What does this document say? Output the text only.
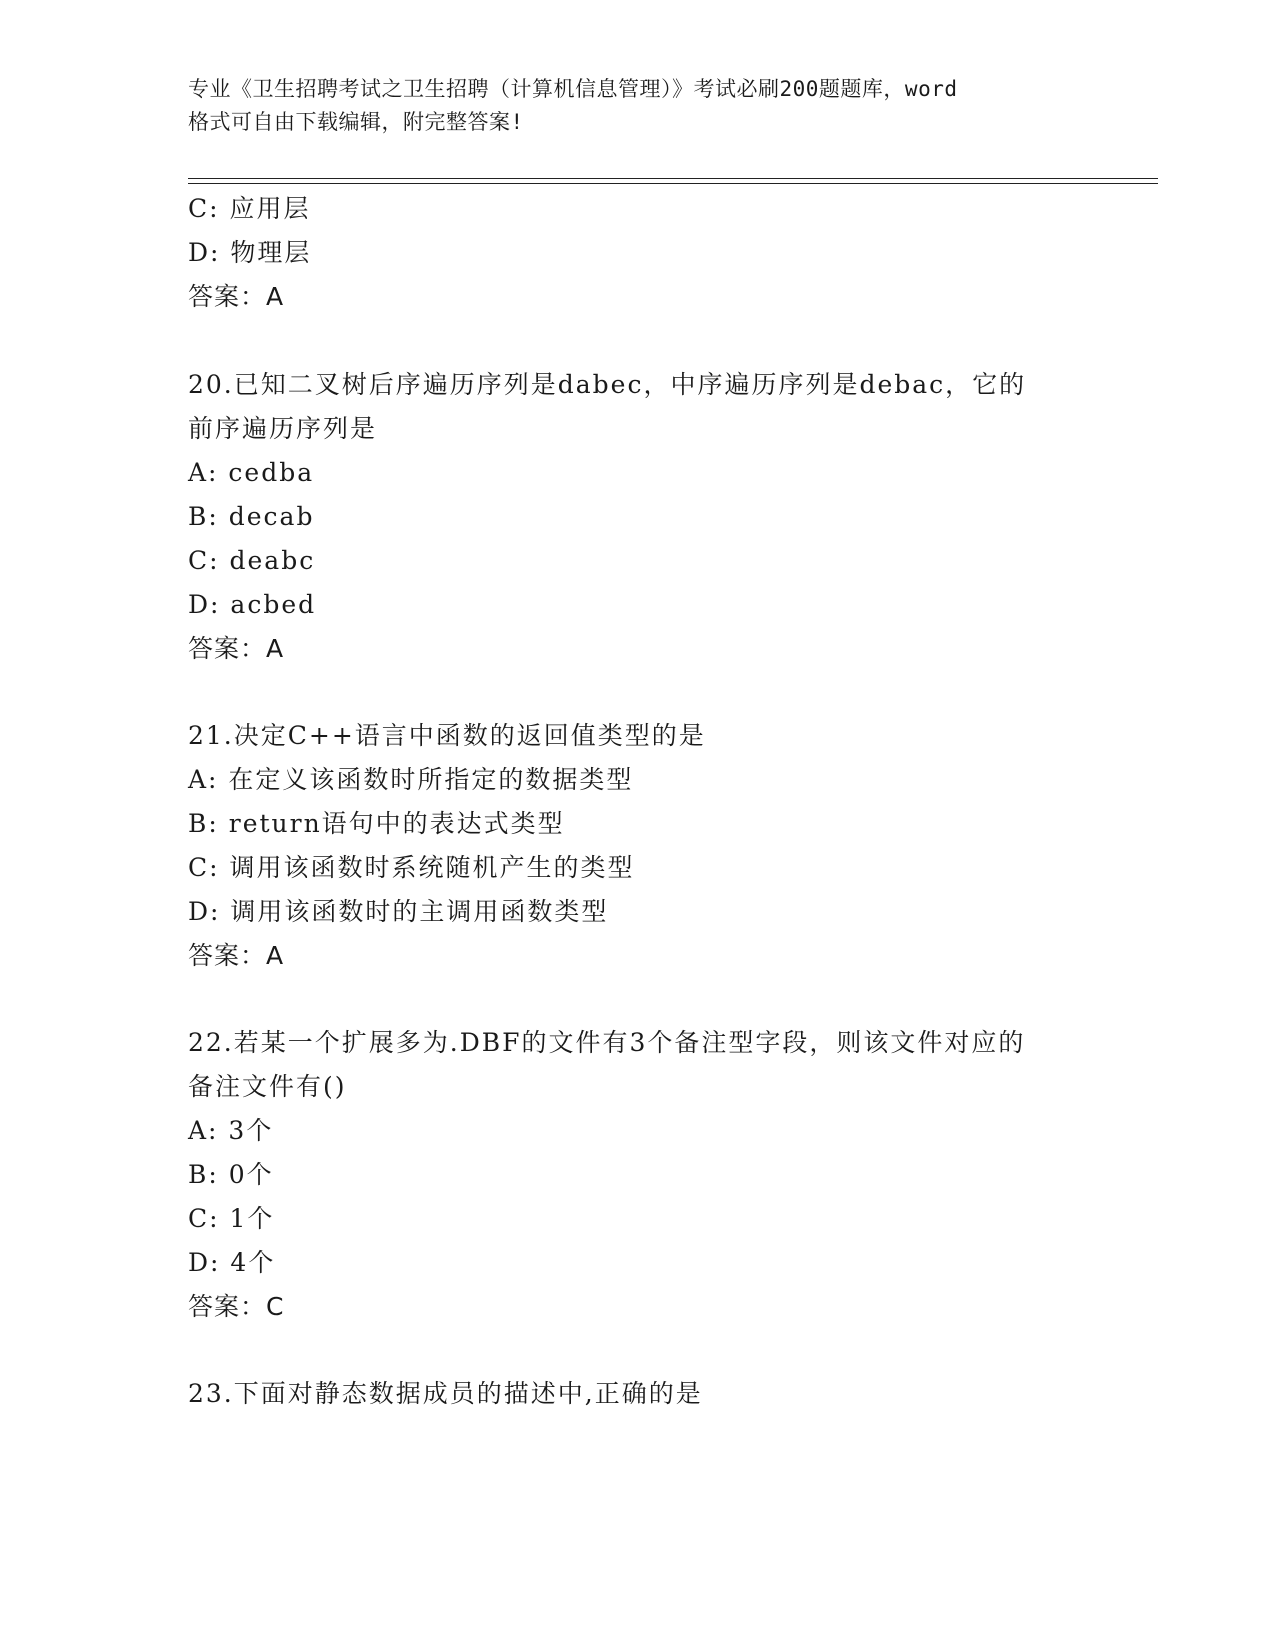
专业《卫生招聘考试之卫生招聘（计算机信息管理）》考试必刷200题题库，word
格式可自由下载编辑，附完整答案!
C: 应用层
D: 物理层
答案：A
20.已知二叉树后序遍历序列是dabec，中序遍历序列是debac，它的
前序遍历序列是
A: cedba
B: decab
C: deabc
D: acbed
答案：A
21.决定C++语言中函数的返回值类型的是
A: 在定义该函数时所指定的数据类型
B: return语句中的表达式类型
C: 调用该函数时系统随机产生的类型
D: 调用该函数时的主调用函数类型
答案：A
22.若某一个扩展多为.DBF的文件有3个备注型字段，则该文件对应的
备注文件有()
A: 3个
B: 0个
C: 1个
D: 4个
答案：C
23.下面对静态数据成员的描述中,正确的是
